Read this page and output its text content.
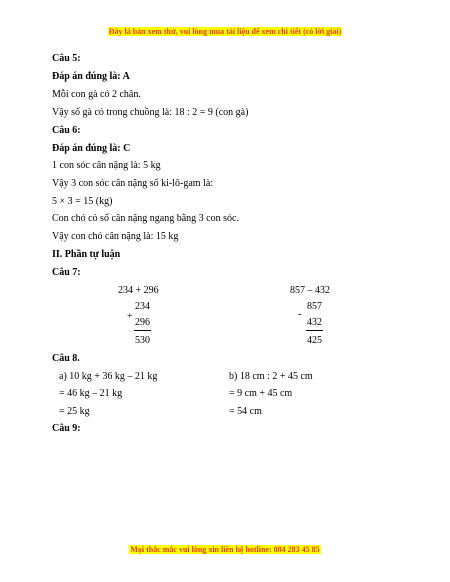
Đây là bản xem thử, vui lòng mua tài liệu để xem chi tiết (có lời giải)
Câu 5:
Đáp án đúng là: A
Mỗi con gà có 2 chân.
Vậy số gà có trong chuồng là: 18 : 2 = 9 (con gà)
Câu 6:
Đáp án đúng là: C
1 con sóc cân nặng là: 5 kg
Vậy 3 con sóc cân nặng số ki-lô-gam là:
5 × 3 = 15 (kg)
Con chó có số cân nặng ngang bằng 3 con sóc.
Vậy con chó cân nặng là: 15 kg
II. Phần tự luận
Câu 7:
234 + 296
+
234
296
530
857 – 432
-
857
432
425
Câu 8.
a) 10 kg + 36 kg – 21 kg
= 46 kg – 21 kg
= 25 kg
b) 18 cm : 2 + 45 cm
= 9 cm + 45 cm
= 54 cm
Câu 9:
Mọi thắc mắc vui lòng xin liên hệ hotline: 084 283 45 85
